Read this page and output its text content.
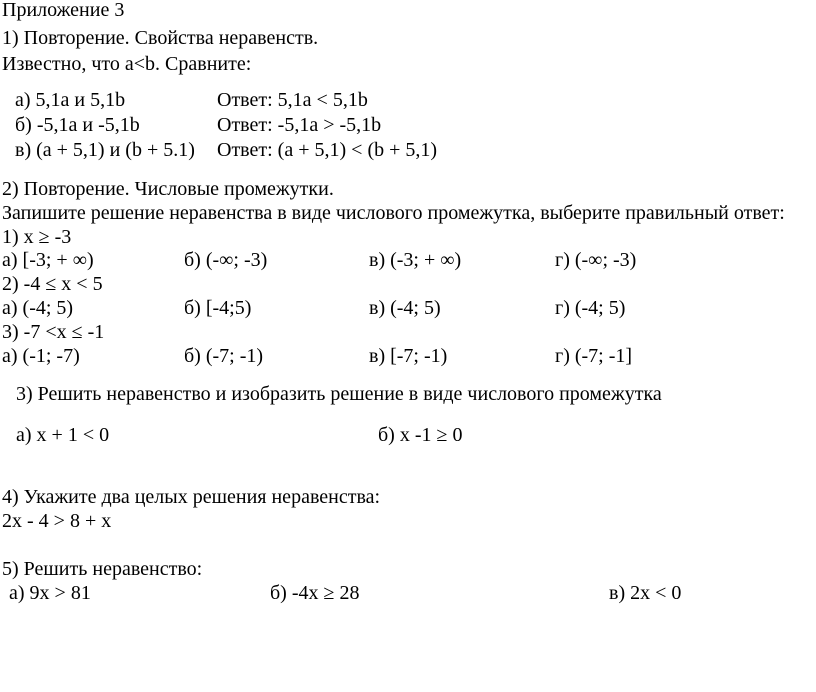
Приложение 3
1) Повторение. Свойства неравенств.
Известно, что a<b. Сравните:
а) 5,1a и 5,1b	Ответ: 5,1a < 5,1b
б) -5,1a и -5,1b	Ответ: -5,1a > -5,1b
в) (a + 5,1) и (b + 5.1) Ответ: (a + 5,1) < (b + 5,1)
2) Повторение. Числовые промежутки.
Запишите решение неравенства в виде числового промежутка, выберите правильный ответ:
1) x ≥ -3
а) [-3; + ∞)	б) (-∞; -3)	в) (-3; + ∞)	г) (-∞; -3)
2) -4 ≤ x < 5
а) (-4; 5)	б) [-4;5)	в) (-4; 5)	г) (-4; 5)
3) -7 <x ≤ -1
а) (-1; -7)	б) (-7; -1)	в) [-7; -1)	г) (-7; -1]
3) Решить неравенство и изобразить решение в виде числового промежутка
а) x + 1 < 0	б) x -1 ≥ 0
4) Укажите два целых решения неравенства:
2x - 4 > 8 + x
5) Решить неравенство:
а) 9x > 81	б) -4x ≥ 28	в) 2x < 0
